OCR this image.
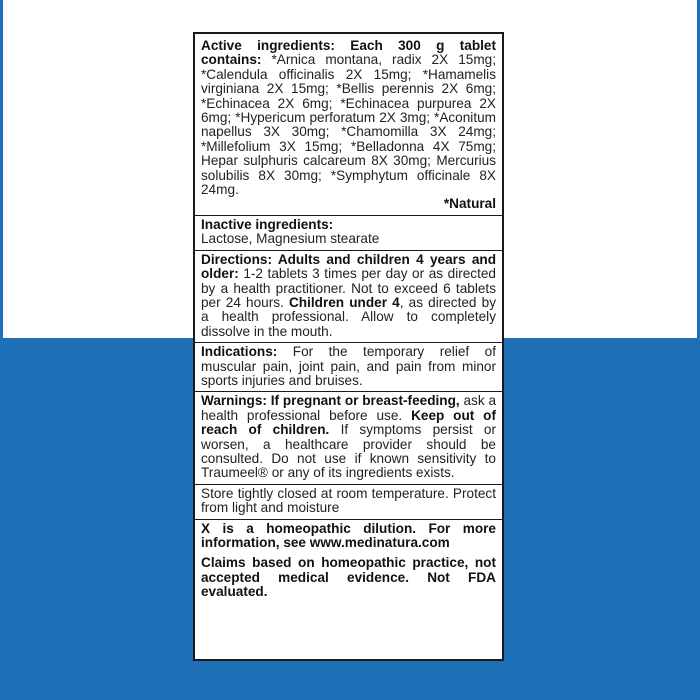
Active ingredients: Each 300 g tablet contains: *Arnica montana, radix 2X 15mg; *Calendula officinalis 2X 15mg; *Hamamelis virginiana 2X 15mg; *Bellis perennis 2X 6mg; *Echinacea 2X 6mg; *Echinacea purpurea 2X 6mg; *Hypericum perforatum 2X 3mg; *Aconitum napellus 3X 30mg; *Chamomilla 3X 24mg; *Millefolium 3X 15mg; *Belladonna 4X 75mg; Hepar sulphuris calcareum 8X 30mg; Mercurius solubilis 8X 30mg; *Symphytum officinale 8X 24mg.

*Natural
Inactive ingredients:
Lactose, Magnesium stearate

Directions: Adults and children 4 years and older: 1-2 tablets 3 times per day or as directed by a health practitioner. Not to exceed 6 tablets per 24 hours. Children under 4, as directed by a health professional. Allow to completely dissolve in the mouth.

Indications: For the temporary relief of muscular pain, joint pain, and pain from minor sports injuries and bruises.

Warnings: If pregnant or breast-feeding, ask a health professional before use. Keep out of reach of children. If symptoms persist or worsen, a healthcare provider should be consulted. Do not use if known sensitivity to Traumeel® or any of its ingredients exists.

Store tightly closed at room temperature. Protect from light and moisture

X is a homeopathic dilution. For more information, see www.medinatura.com

Claims based on homeopathic practice, not accepted medical evidence. Not FDA evaluated.
